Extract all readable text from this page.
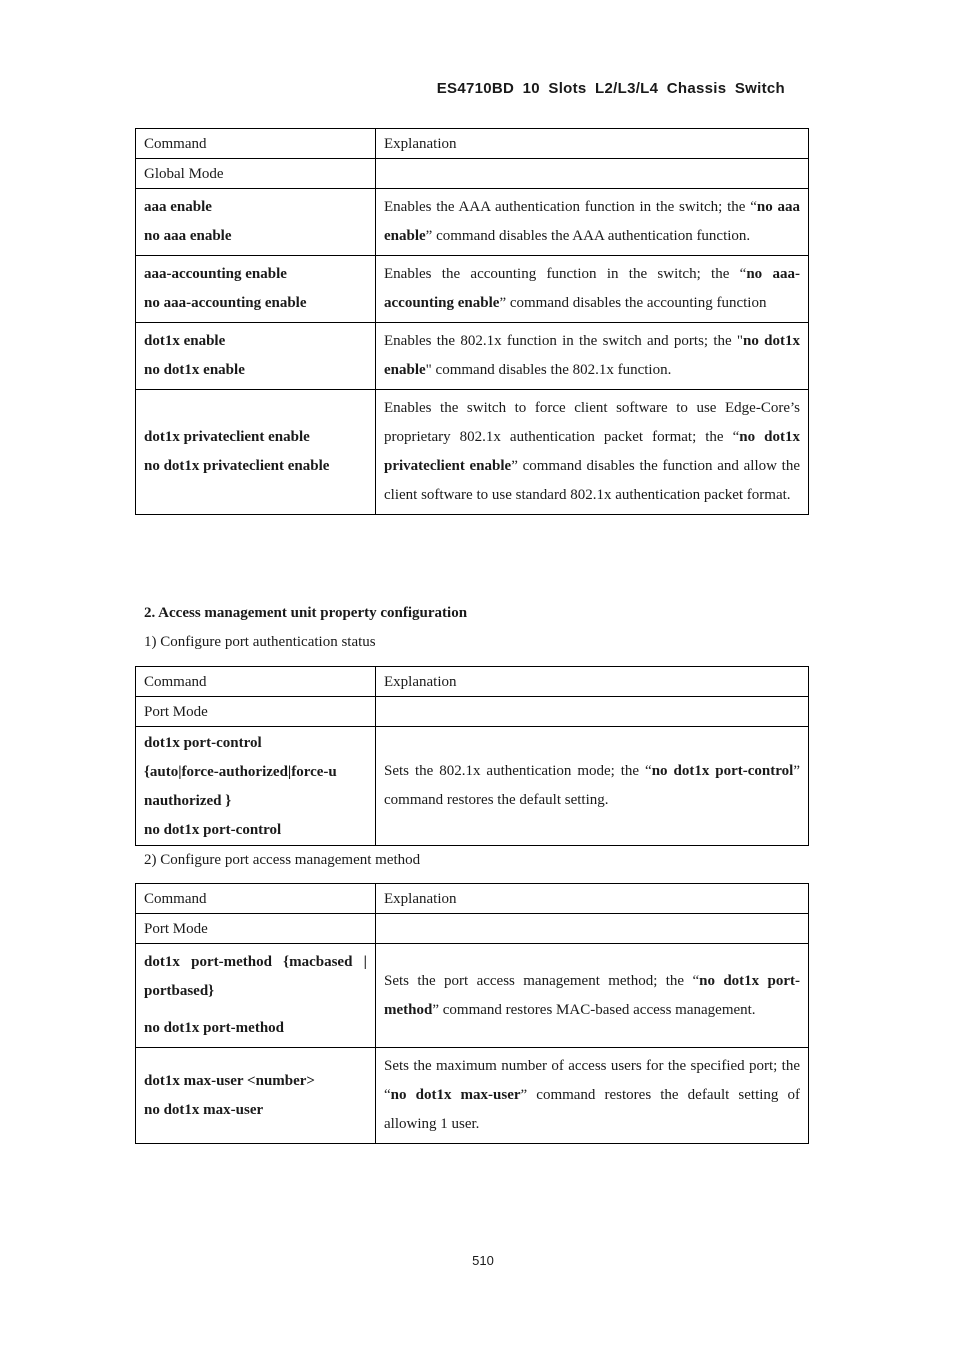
ES4710BD 10 Slots L2/L3/L4 Chassis Switch
Command	Explanation
Global Mode	

aaa enable
no aaa enable	Enables the AAA authentication function in the switch; the “no aaa enable” command disables the AAA authentication function.

aaa-accounting enable
no aaa-accounting enable	Enables the accounting function in the switch; the “no aaa-accounting enable” command disables the accounting function

dot1x enable
no dot1x enable	Enables the 802.1x function in the switch and ports; the "no dot1x enable" command disables the 802.1x function.

dot1x privateclient enable
no dot1x privateclient enable	Enables the switch to force client software to use Edge-Core’s proprietary 802.1x authentication packet format; the “no dot1x privateclient enable” command disables the function and allow the client software to use standard 802.1x authentication packet format.
2. Access management unit property configuration
1) Configure port authentication status
Command	Explanation
Port Mode	

dot1x port-control
{auto|force-authorized|force-u
nauthorized }
no dot1x port-control	Sets the 802.1x authentication mode; the “no dot1x port-control” command restores the default setting.
2) Configure port access management method
Command	Explanation
Port Mode	

dot1x port-method {macbased | portbased}
no dot1x port-method	Sets the port access management method; the “no dot1x port-method” command restores MAC-based access management.

dot1x max-user <number>
no dot1x max-user	Sets the maximum number of access users for the specified port; the “no dot1x max-user” command restores the default setting of allowing 1 user.
510
